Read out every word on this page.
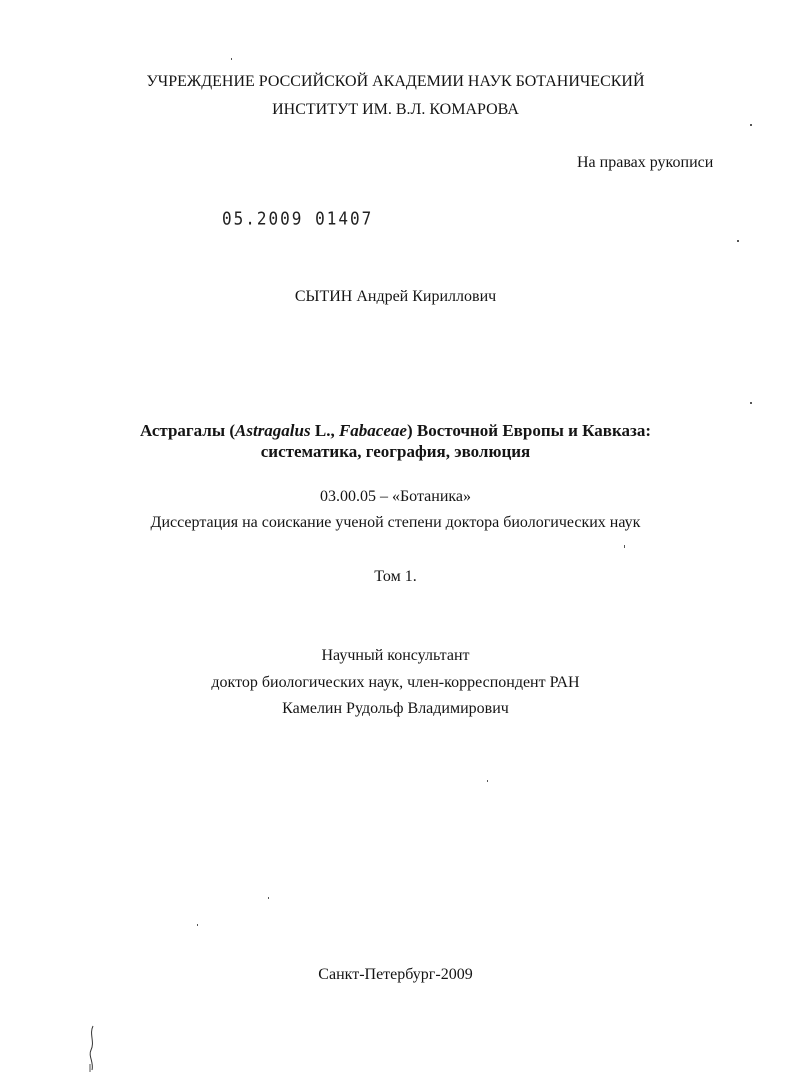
УЧРЕЖДЕНИЕ РОССИЙСКОЙ АКАДЕМИИ НАУК БОТАНИЧЕСКИЙ
ИНСТИТУТ ИМ. В.Л. КОМАРОВА
На правах рукописи
05.2009 01407
СЫТИН Андрей Кириллович
Астрагалы (Astragalus L., Fabaceae) Восточной Европы и Кавказа:
систематика, география, эволюция
03.00.05 – «Ботаника»
Диссертация на соискание ученой степени доктора биологических наук
Том 1.
Научный консультант
доктор биологических наук, член-корреспондент РАН
Камелин Рудольф Владимирович
Санкт-Петербург-2009
